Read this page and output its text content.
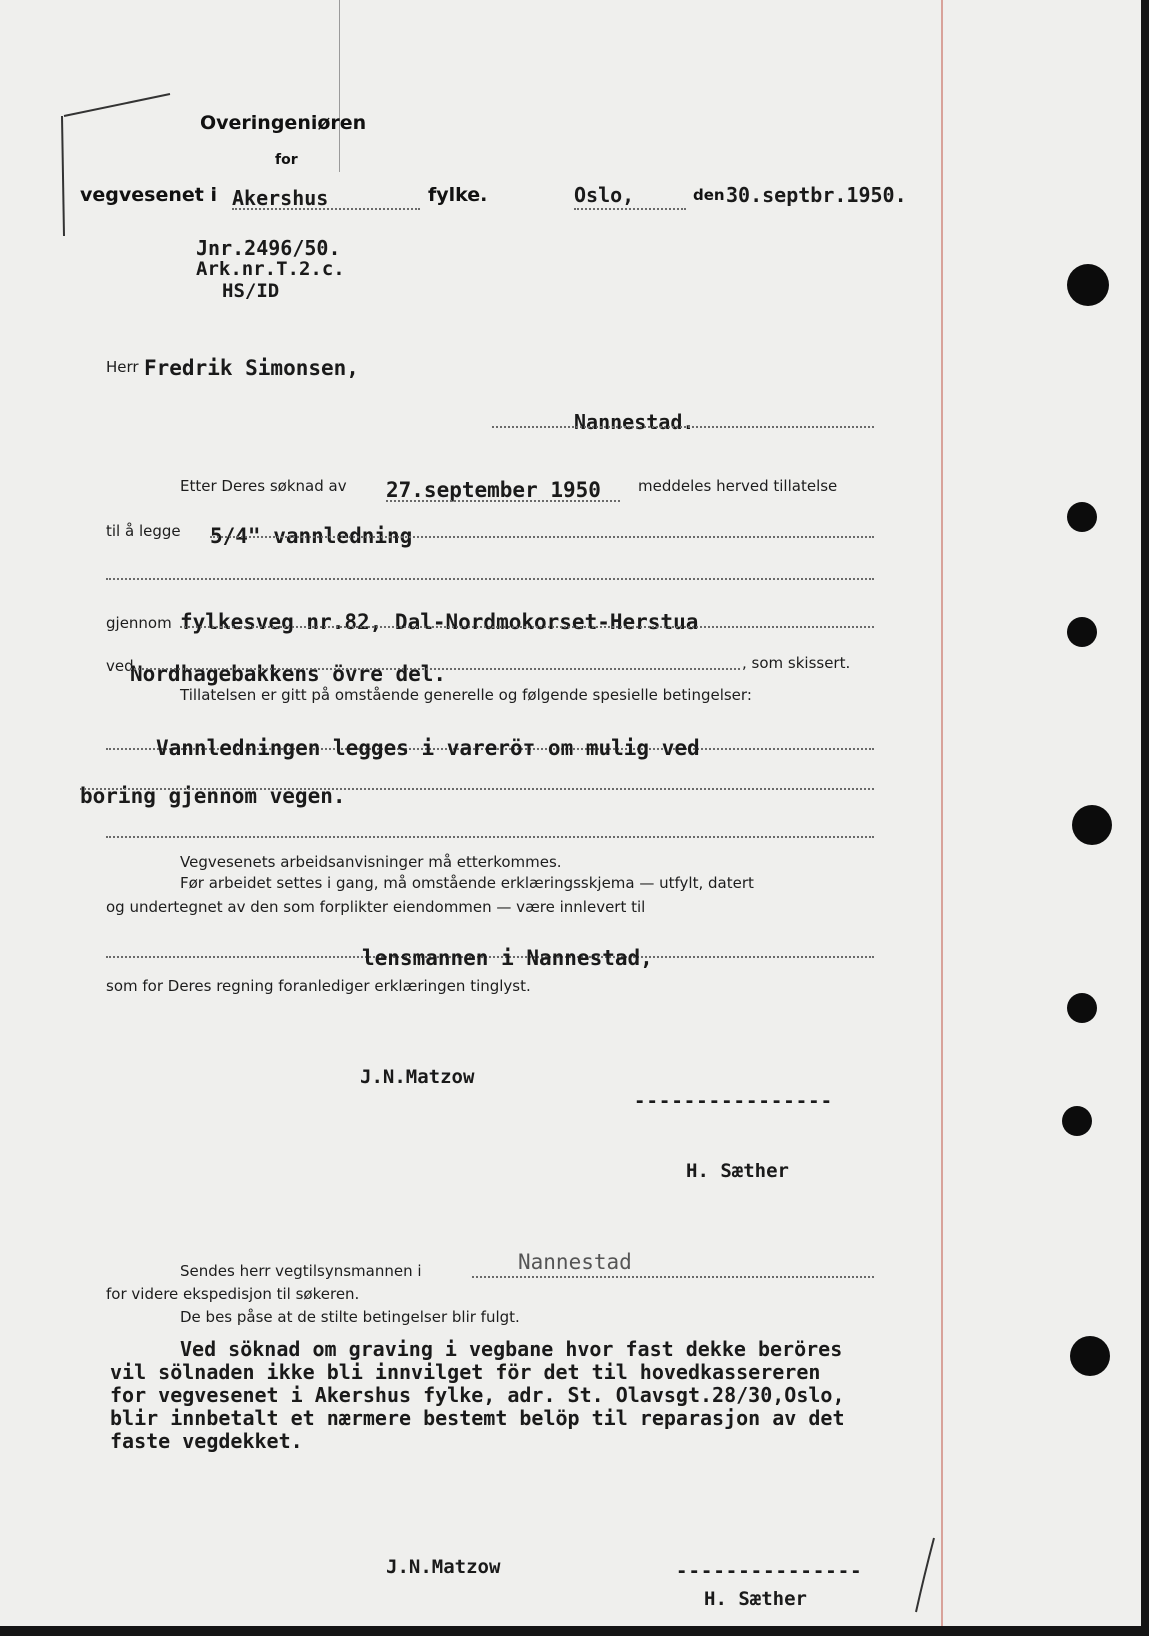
Overingeniøren
for
vegvesenet i Akershus	fylke.	Oslo,	den 30.septbr.1950.
Jnr.2496/50.
Ark.nr.T.2.c.
HS/ID
Herr Fredrik Simonsen,
Nannestad.
Etter Deres søknad av 27.september 1950 meddeles herved tillatelse
til å legge 5/4" vannledning
gjennom fylkesveg nr.82, Dal-Nordmokorset-Herstua
ved
Nordhagebakkens övre del.	, som skissert.
Tillatelsen er gitt på omstående generelle og følgende spesielle betingelser:
Vannledningen legges i vareröт om mulig ved
boring gjennom vegen.
Vegvesenets arbeidsanvisninger må etterkommes.
Før arbeidet settes i gang, må omstående erklæringsskjema — utfylt, datert
og undertegnet av den som forplikter eiendommen — være innlevert til
lensmannen i Nannestad,
som for Deres regning foranlediger erklæringen tinglyst.
J.N.Matzow
----------------
H. Sæther
Sendes herr vegtilsynsmannen i	Nannestad
for videre ekspedisjon til søkeren.
De bes påse at de stilte betingelser blir fulgt.
Ved söknad om graving i vegbane hvor fast dekke beröres
vil sölnaden ikke bli innvilget för det til hovedkassereren
for vegvesenet i Akershus fylke, adr. St. Olavsgt.28/30,Oslo,
blir innbetalt et nærmere bestemt belöp til reparasjon av det
faste vegdekket.
J.N.Matzow	---------------
H. Sæther
